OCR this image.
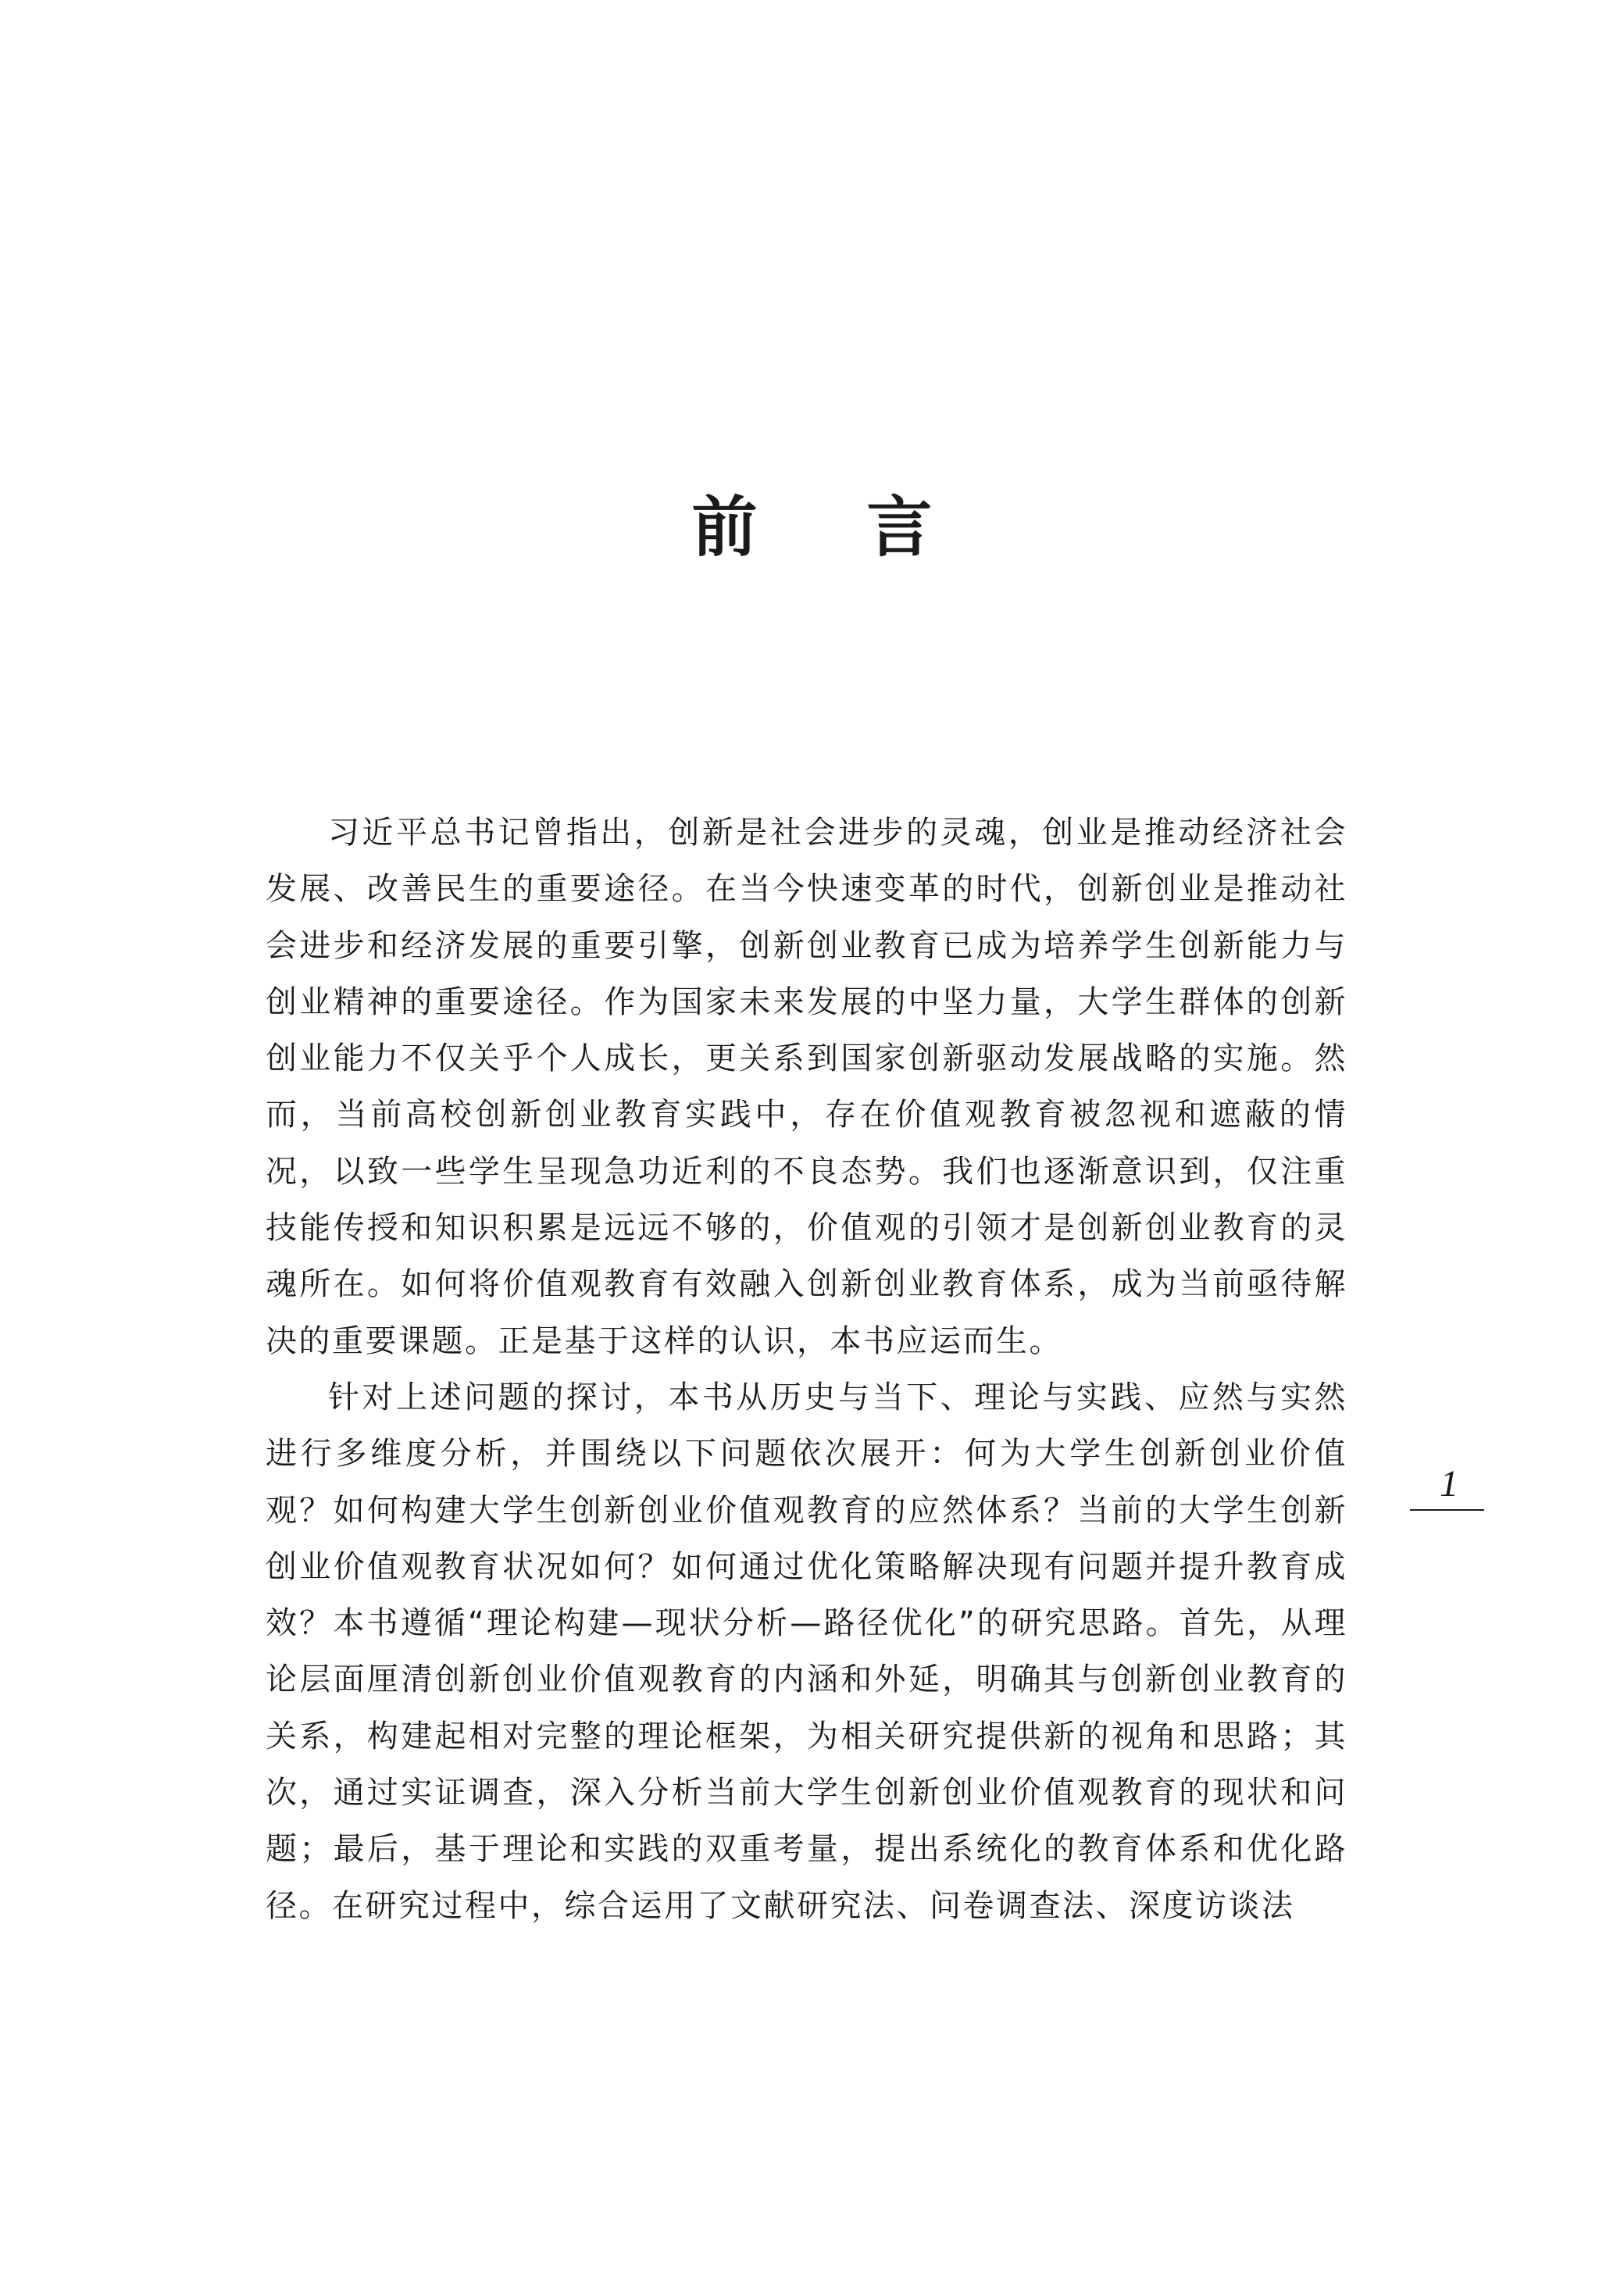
前言

习近平总书记曾指出，创新是社会进步的灵魂，创业是推动经济社会发展、改善民生的重要途径。在当今快速变革的时代，创新创业是推动社会进步和经济发展的重要引擎，创新创业教育已成为培养学生创新能力与创业精神的重要途径。作为国家未来发展的中坚力量，大学生群体的创新创业能力不仅关乎个人成长，更关系到国家创新驱动发展战略的实施。然而，当前高校创新创业教育实践中，存在价值观教育被忽视和遮蔽的情况，以致一些学生呈现急功近利的不良态势。我们也逐渐意识到，仅注重技能传授和知识积累是远远不够的，价值观的引领才是创新创业教育的灵魂所在。如何将价值观教育有效融入创新创业教育体系，成为当前亟待解决的重要课题。正是基于这样的认识，本书应运而生。

针对上述问题的探讨，本书从历史与当下、理论与实践、应然与实然进行多维度分析，并围绕以下问题依次展开：何为大学生创新创业价值观？如何构建大学生创新创业价值观教育的应然体系？当前的大学生创新创业价值观教育状况如何？如何通过优化策略解决现有问题并提升教育成效？本书遵循“理论构建—现状分析—路径优化”的研究思路。首先，从理论层面厘清创新创业价值观教育的内涵和外延，明确其与创新创业教育的关系，构建起相对完整的理论框架，为相关研究提供新的视角和思路；其次，通过实证调查，深入分析当前大学生创新创业价值观教育的现状和问题；最后，基于理论和实践的双重考量，提出系统化的教育体系和优化路径。在研究过程中，综合运用了文献研究法、问卷调查法、深度访谈法

1
